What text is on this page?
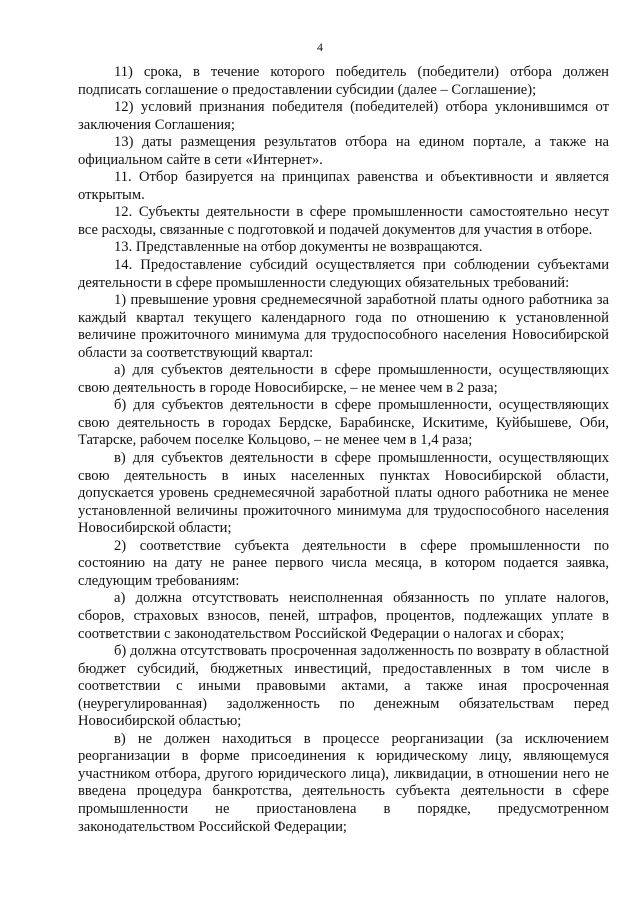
4

11) срока, в течение которого победитель (победители) отбора должен подписать соглашение о предоставлении субсидии (далее – Соглашение);

12) условий признания победителя (победителей) отбора уклонившимся от заключения Соглашения;

13) даты размещения результатов отбора на едином портале, а также на официальном сайте в сети «Интернет».

11. Отбор базируется на принципах равенства и объективности и является открытым.

12. Субъекты деятельности в сфере промышленности самостоятельно несут все расходы, связанные с подготовкой и подачей документов для участия в отборе.

13. Представленные на отбор документы не возвращаются.

14. Предоставление субсидий осуществляется при соблюдении субъектами деятельности в сфере промышленности следующих обязательных требований:

1) превышение уровня среднемесячной заработной платы одного работника за каждый квартал текущего календарного года по отношению к установленной величине прожиточного минимума для трудоспособного населения Новосибирской области за соответствующий квартал:

а) для субъектов деятельности в сфере промышленности, осуществляющих свою деятельность в городе Новосибирске, – не менее чем в 2 раза;

б) для субъектов деятельности в сфере промышленности, осуществляющих свою деятельность в городах Бердске, Барабинске, Искитиме, Куйбышеве, Оби, Татарске, рабочем поселке Кольцово, – не менее чем в 1,4 раза;

в) для субъектов деятельности в сфере промышленности, осуществляющих свою деятельность в иных населенных пунктах Новосибирской области, допускается уровень среднемесячной заработной платы одного работника не менее установленной величины прожиточного минимума для трудоспособного населения Новосибирской области;

2) соответствие субъекта деятельности в сфере промышленности по состоянию на дату не ранее первого числа месяца, в котором подается заявка, следующим требованиям:

а) должна отсутствовать неисполненная обязанность по уплате налогов, сборов, страховых взносов, пеней, штрафов, процентов, подлежащих уплате в соответствии с законодательством Российской Федерации о налогах и сборах;

б) должна отсутствовать просроченная задолженность по возврату в областной бюджет субсидий, бюджетных инвестиций, предоставленных в том числе в соответствии с иными правовыми актами, а также иная просроченная (неурегулированная) задолженность по денежным обязательствам перед Новосибирской областью;

в) не должен находиться в процессе реорганизации (за исключением реорганизации в форме присоединения к юридическому лицу, являющемуся участником отбора, другого юридического лица), ликвидации, в отношении него не введена процедура банкротства, деятельность субъекта деятельности в сфере промышленности не приостановлена в порядке, предусмотренном законодательством Российской Федерации;
